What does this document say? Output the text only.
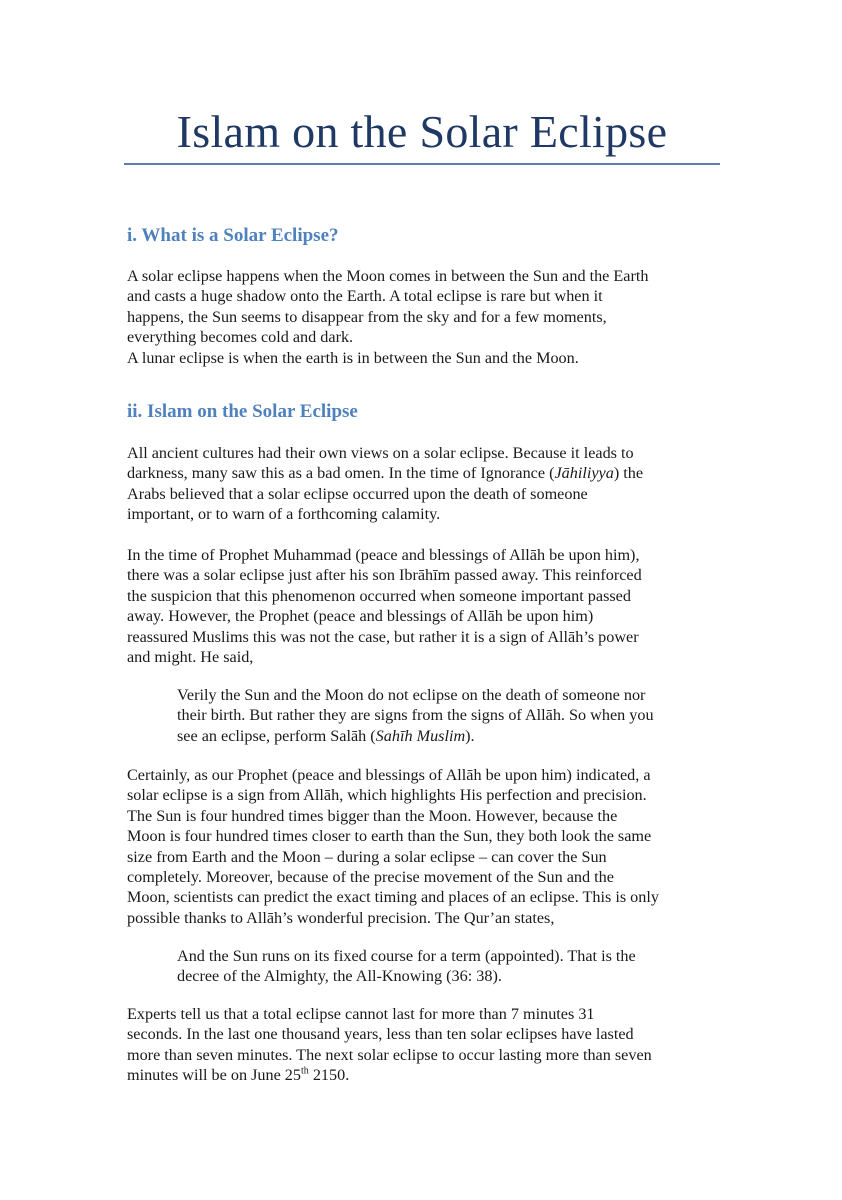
Islam on the Solar Eclipse
i. What is a Solar Eclipse?

A solar eclipse happens when the Moon comes in between the Sun and the Earth
and casts a huge shadow onto the Earth. A total eclipse is rare but when it
happens, the Sun seems to disappear from the sky and for a few moments,
everything becomes cold and dark.
A lunar eclipse is when the earth is in between the Sun and the Moon.

ii. Islam on the Solar Eclipse

All ancient cultures had their own views on a solar eclipse. Because it leads to
darkness, many saw this as a bad omen. In the time of Ignorance (Jāhiliyya) the
Arabs believed that a solar eclipse occurred upon the death of someone
important, or to warn of a forthcoming calamity.

In the time of Prophet Muhammad (peace and blessings of Allāh be upon him),
there was a solar eclipse just after his son Ibrāhīm passed away. This reinforced
the suspicion that this phenomenon occurred when someone important passed
away. However, the Prophet (peace and blessings of Allāh be upon him)
reassured Muslims this was not the case, but rather it is a sign of Allāh’s power
and might. He said,

Verily the Sun and the Moon do not eclipse on the death of someone nor
their birth. But rather they are signs from the signs of Allāh. So when you
see an eclipse, perform Salāh (Sahīh Muslim).

Certainly, as our Prophet (peace and blessings of Allāh be upon him) indicated, a
solar eclipse is a sign from Allāh, which highlights His perfection and precision.
The Sun is four hundred times bigger than the Moon. However, because the
Moon is four hundred times closer to earth than the Sun, they both look the same
size from Earth and the Moon – during a solar eclipse – can cover the Sun
completely. Moreover, because of the precise movement of the Sun and the
Moon, scientists can predict the exact timing and places of an eclipse. This is only
possible thanks to Allāh’s wonderful precision. The Qur’an states,

And the Sun runs on its fixed course for a term (appointed). That is the
decree of the Almighty, the All-Knowing (36: 38).

Experts tell us that a total eclipse cannot last for more than 7 minutes 31
seconds. In the last one thousand years, less than ten solar eclipses have lasted
more than seven minutes. The next solar eclipse to occur lasting more than seven
minutes will be on June 25th 2150.
